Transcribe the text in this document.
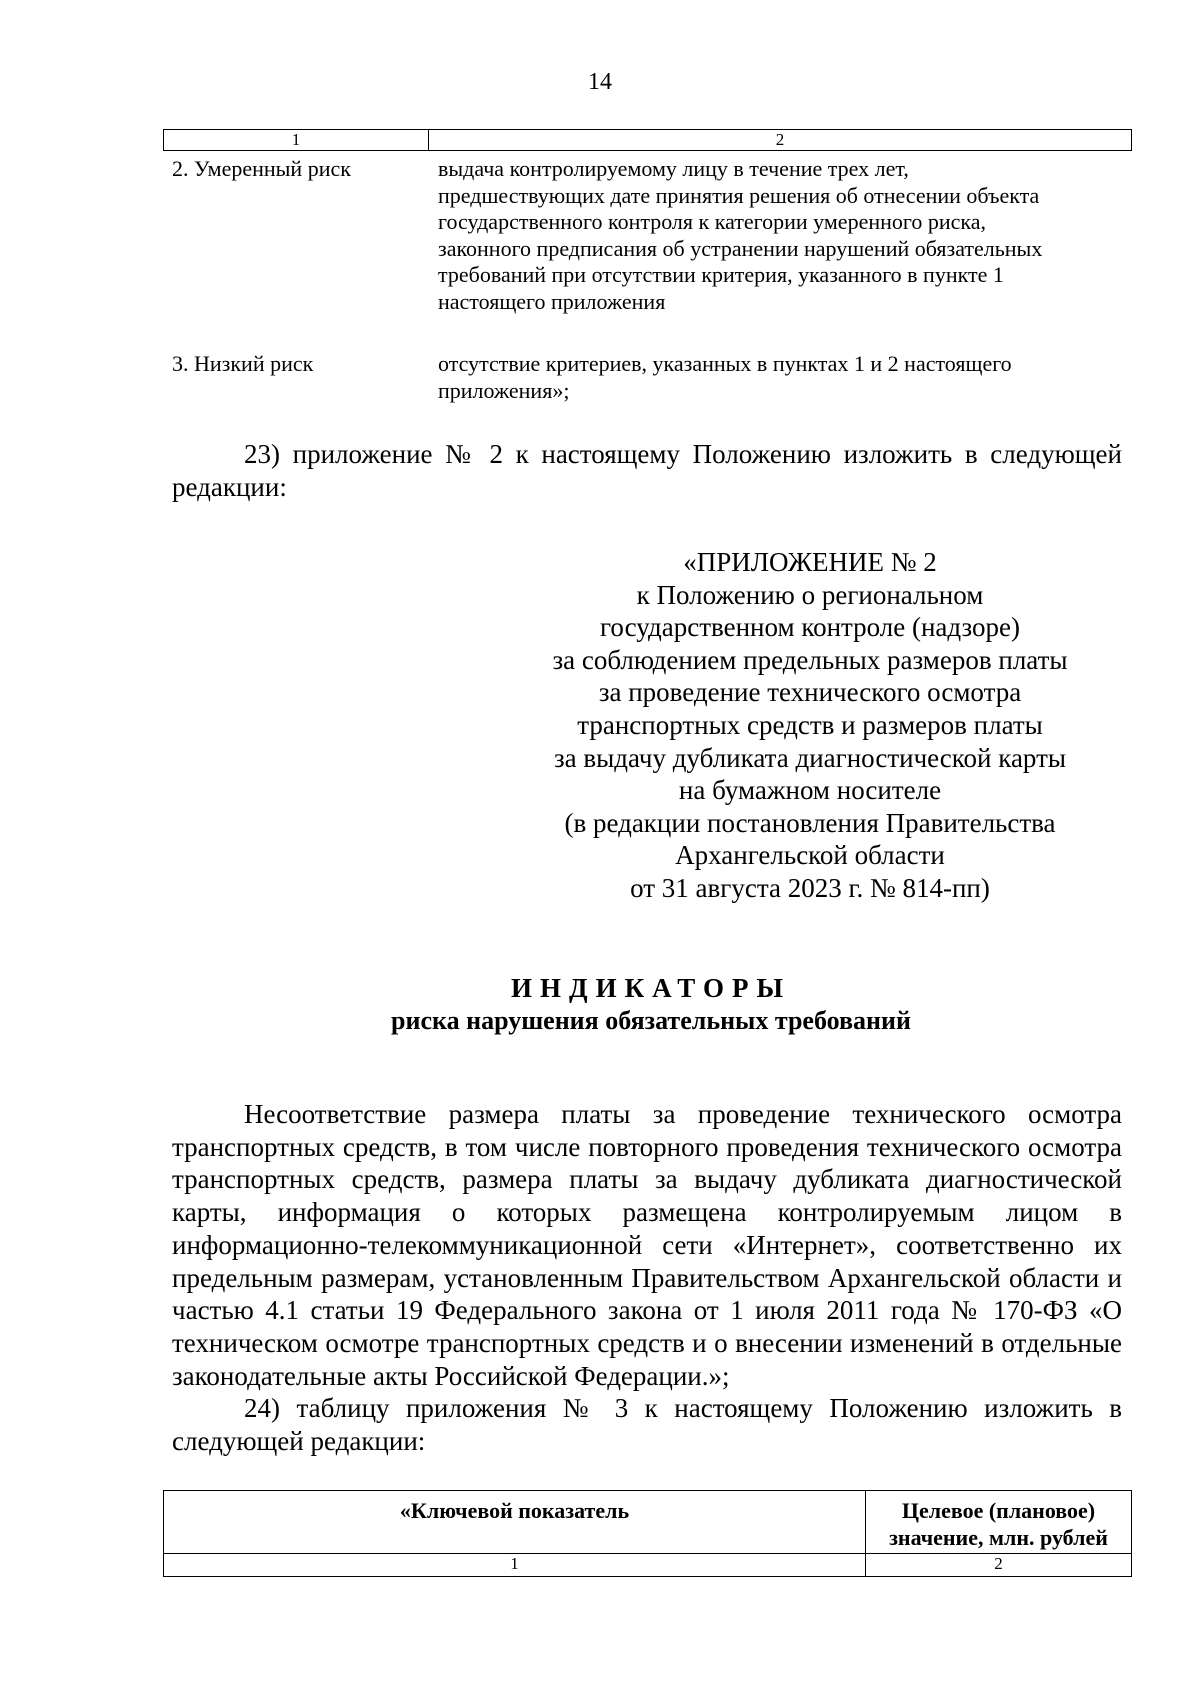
14
1	2
2. Умеренный риск	выдача контролируемому лицу в течение трех лет,
предшествующих дате принятия решения об отнесении объекта
государственного контроля к категории умеренного риска,
законного предписания об устранении нарушений обязательных
требований при отсутствии критерия, указанного в пункте 1
настоящего приложения
3. Низкий риск	отсутствие критериев, указанных в пунктах 1 и 2 настоящего
приложения»;
23) приложение № 2 к настоящему Положению изложить в следующей редакции:
«ПРИЛОЖЕНИЕ № 2
к Положению о региональном
государственном контроле (надзоре)
за соблюдением предельных размеров платы
за проведение технического осмотра
транспортных средств и размеров платы
за выдачу дубликата диагностической карты
на бумажном носителе
(в редакции постановления Правительства
Архангельской области
от 31 августа 2023 г. № 814-пп)
ИНДИКАТОРЫ
риска нарушения обязательных требований
Несоответствие размера платы за проведение технического осмотра транспортных средств, в том числе повторного проведения технического осмотра транспортных средств, размера платы за выдачу дубликата диагностической карты, информация о которых размещена контролируемым лицом в информационно-телекоммуникационной сети «Интернет», соответственно их предельным размерам, установленным Правительством Архангельской области и частью 4.1 статьи 19 Федерального закона от 1 июля 2011 года № 170-ФЗ «О техническом осмотре транспортных средств и о внесении изменений в отдельные законодательные акты Российской Федерации.»;
24) таблицу приложения № 3 к настоящему Положению изложить в следующей редакции:
«Ключевой показатель	Целевое (плановое) значение, млн. рублей
1	2
